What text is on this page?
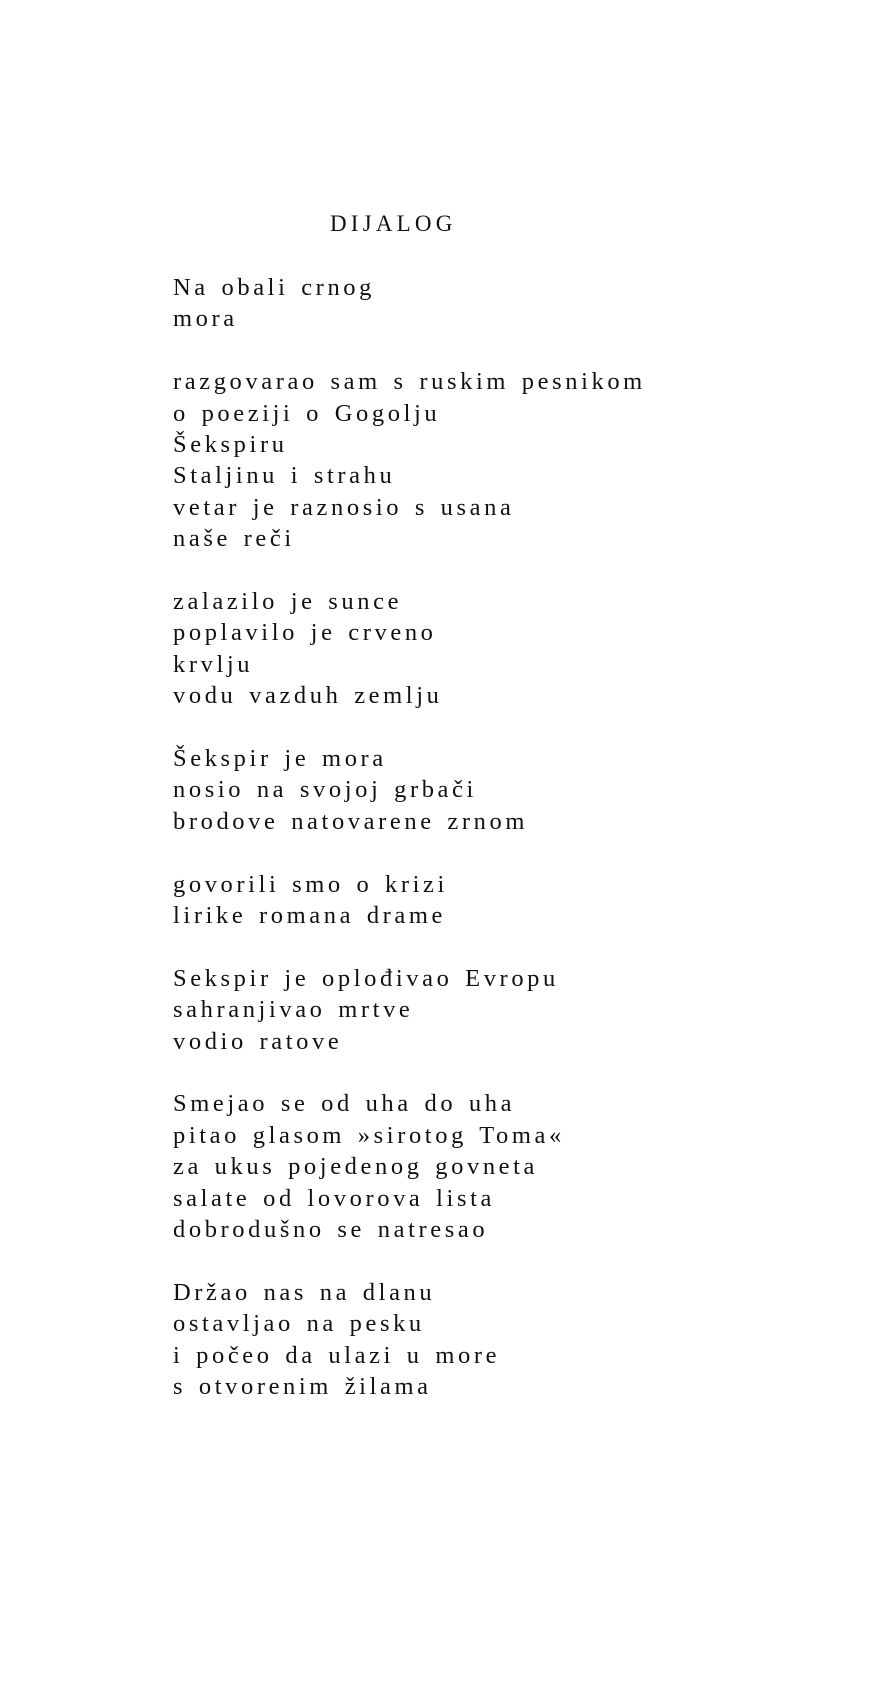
DIJALOG
Na obali crnog
mora
razgovarao sam s ruskim pesnikom
o poeziji o Gogolju
Šekspiru
Staljinu i strahu
vetar je raznosio s usana
naše reči
zalazilo je sunce
poplavilo je crveno
krvlju
vodu vazduh zemlju
Šekspir je mora
nosio na svojoj grbači
brodove natovarene zrnom
govorili smo o krizi
lirike romana drame
Sekspir je oplođivao Evropu
sahranjivao mrtve
vodio ratove
Smejao se od uha do uha
pitao glasom »sirotog Toma«
za ukus pojedenog govneta
salate od lovorova lista
dobrodušno se natresao
Držao nas na dlanu
ostavljao na pesku
i počeo da ulazi u more
s otvorenim žilama
